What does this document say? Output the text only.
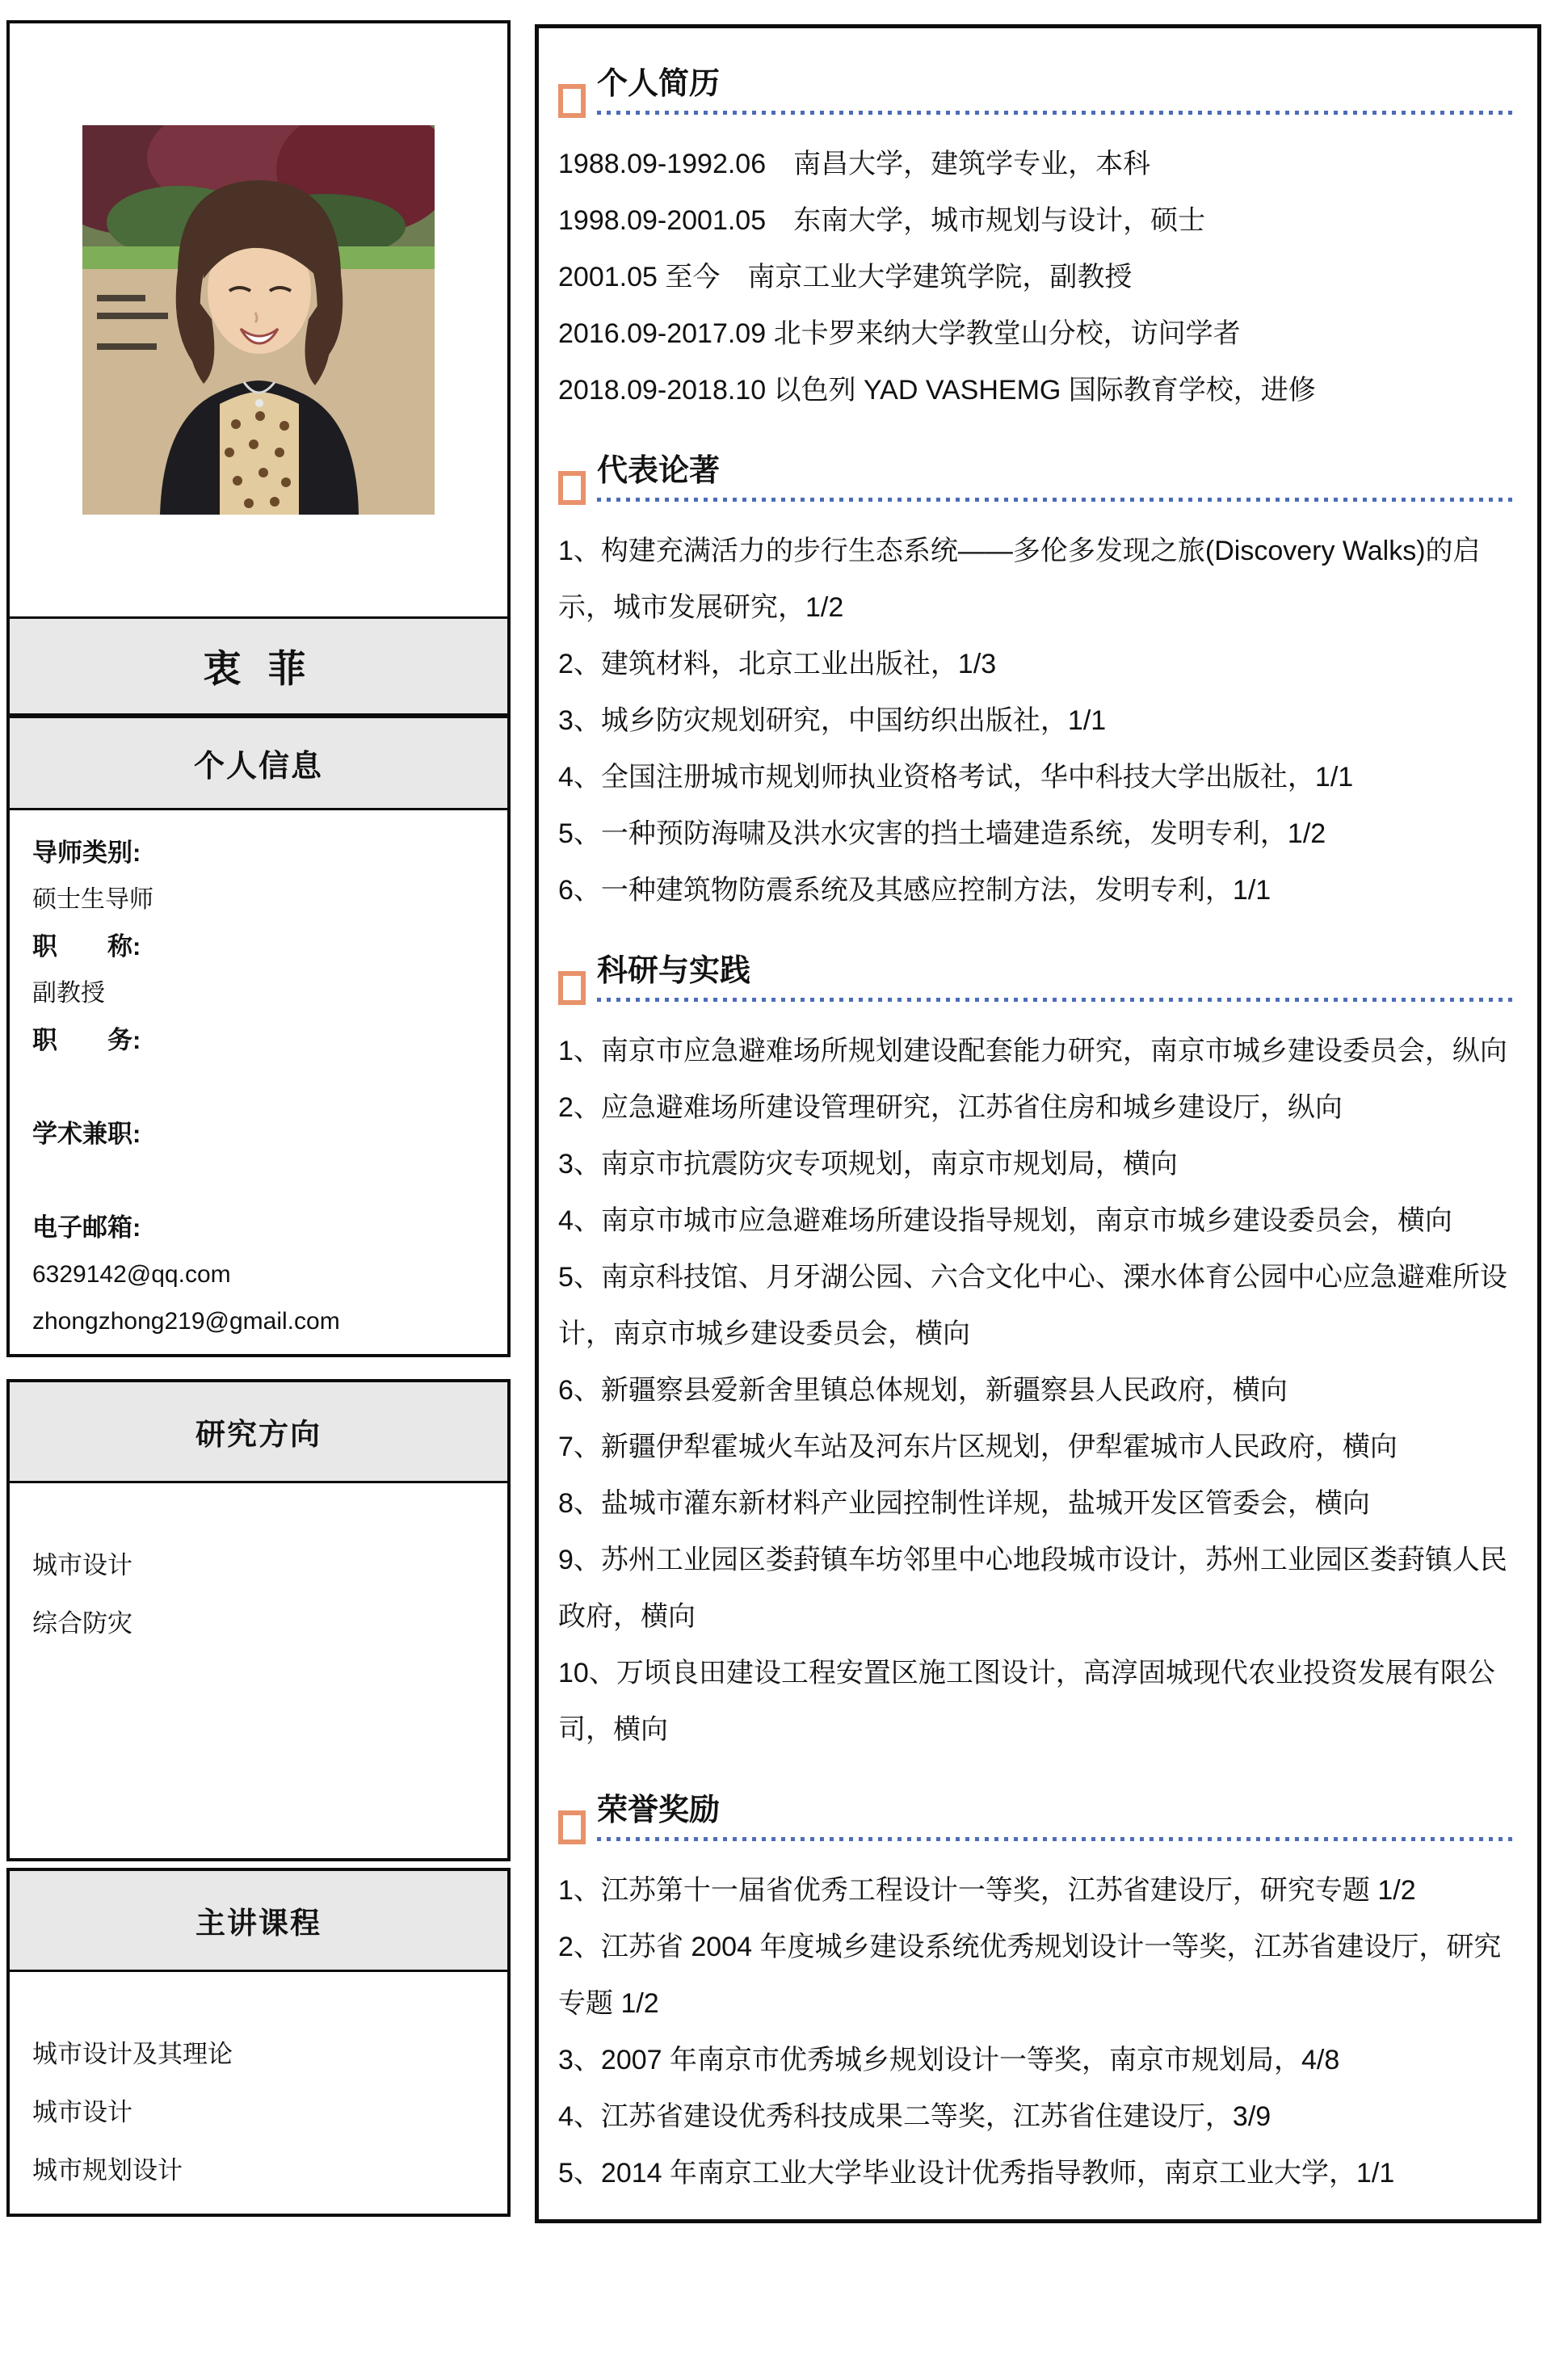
衷 菲
个人信息
导师类别:
硕士生导师
职　　称:
副教授
职　　务:

学术兼职:

电子邮箱:
6329142@qq.com
zhongzhong219@gmail.com
研究方向
城市设计
综合防灾
主讲课程
城市设计及其理论
城市设计
城市规划设计
个人简历
1988.09-1992.06　南昌大学，建筑学专业，本科
1998.09-2001.05　东南大学，城市规划与设计，硕士
2001.05 至今　南京工业大学建筑学院，副教授
2016.09-2017.09 北卡罗来纳大学教堂山分校，访问学者
2018.09-2018.10 以色列 YAD VASHEMG 国际教育学校，进修
代表论著
1、构建充满活力的步行生态系统——多伦多发现之旅(Discovery Walks)的启示，城市发展研究，1/2
2、建筑材料，北京工业出版社，1/3
3、城乡防灾规划研究，中国纺织出版社，1/1
4、全国注册城市规划师执业资格考试，华中科技大学出版社，1/1
5、一种预防海啸及洪水灾害的挡土墙建造系统，发明专利，1/2
6、一种建筑物防震系统及其感应控制方法，发明专利，1/1
科研与实践
1、南京市应急避难场所规划建设配套能力研究，南京市城乡建设委员会，纵向
2、应急避难场所建设管理研究，江苏省住房和城乡建设厅，纵向
3、南京市抗震防灾专项规划，南京市规划局，横向
4、南京市城市应急避难场所建设指导规划，南京市城乡建设委员会，横向
5、南京科技馆、月牙湖公园、六合文化中心、溧水体育公园中心应急避难所设计，南京市城乡建设委员会，横向
6、新疆察县爱新舍里镇总体规划，新疆察县人民政府，横向
7、新疆伊犁霍城火车站及河东片区规划，伊犁霍城市人民政府，横向
8、盐城市灌东新材料产业园控制性详规，盐城开发区管委会，横向
9、苏州工业园区娄葑镇车坊邻里中心地段城市设计，苏州工业园区娄葑镇人民政府，横向
10、万顷良田建设工程安置区施工图设计，高淳固城现代农业投资发展有限公司，横向
荣誉奖励
1、江苏第十一届省优秀工程设计一等奖，江苏省建设厅，研究专题 1/2
2、江苏省 2004 年度城乡建设系统优秀规划设计一等奖，江苏省建设厅，研究专题 1/2
3、2007 年南京市优秀城乡规划设计一等奖，南京市规划局，4/8
4、江苏省建设优秀科技成果二等奖，江苏省住建设厅，3/9
5、2014 年南京工业大学毕业设计优秀指导教师，南京工业大学，1/1
